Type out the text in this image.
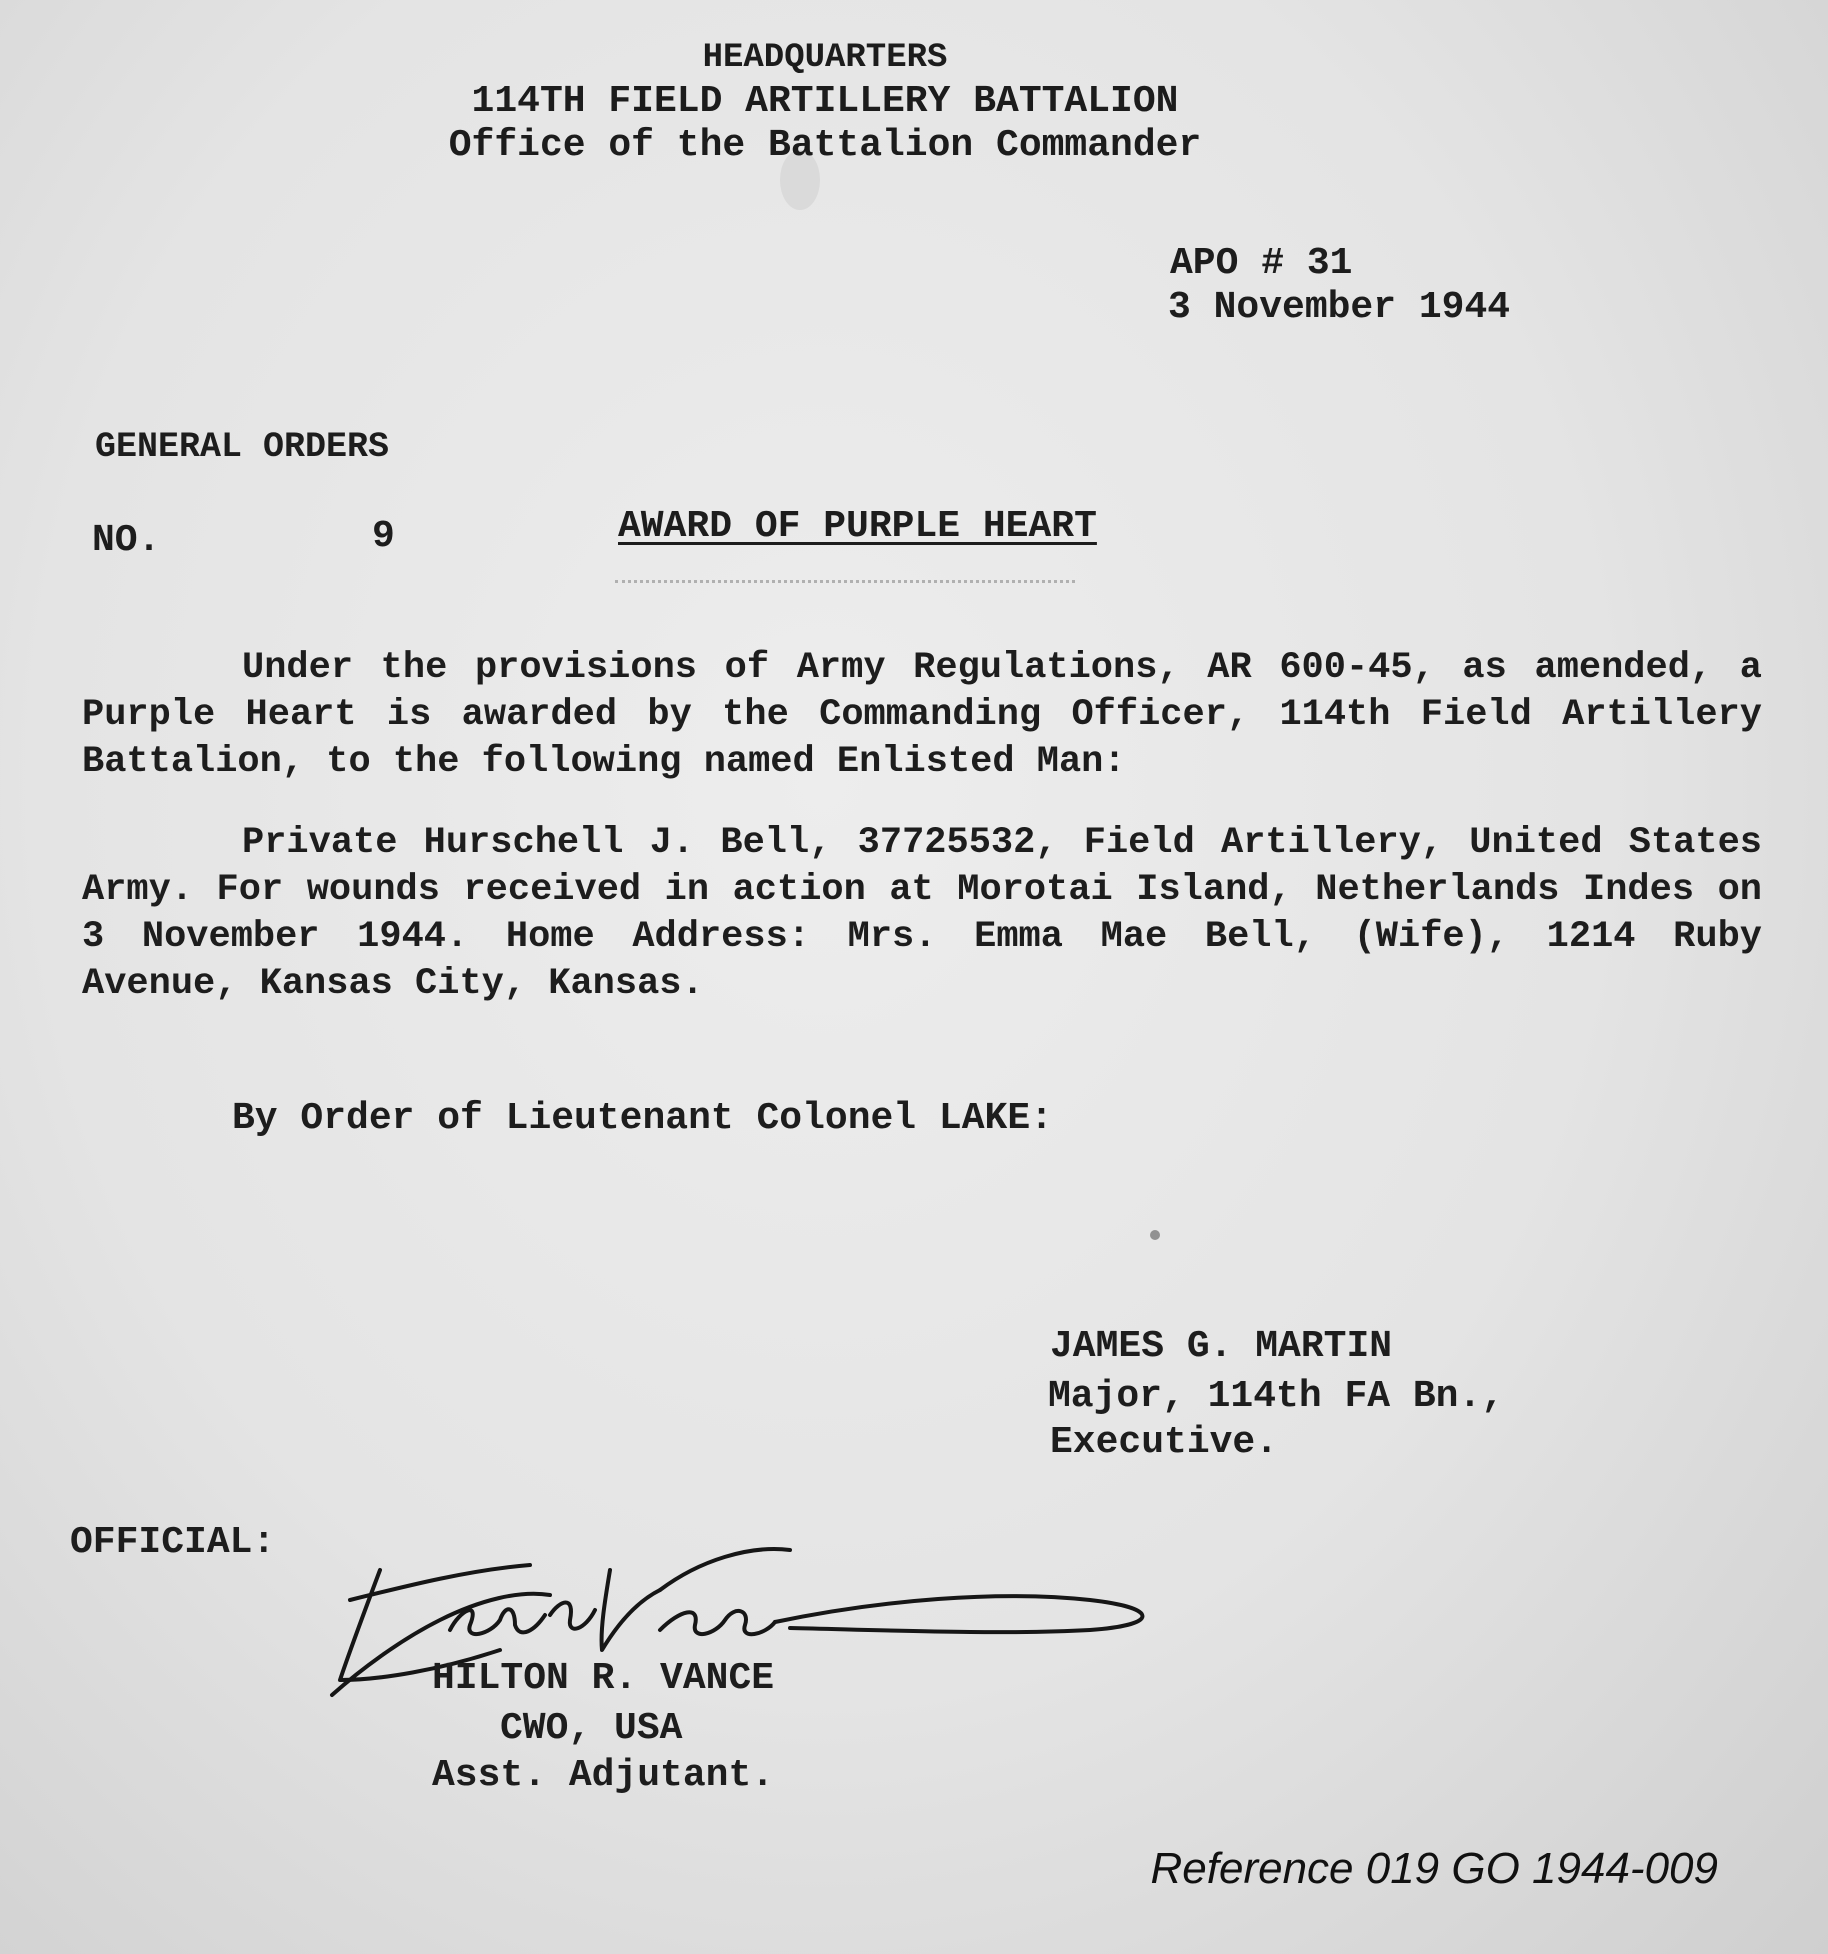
HEADQUARTERS
114TH FIELD ARTILLERY BATTALION
Office of the Battalion Commander
APO # 31
3 November 1944
GENERAL ORDERS
NO.	9	AWARD OF PURPLE HEART
Under the provisions of Army Regulations, AR 600-45, as amended, a Purple Heart is awarded by the Commanding Officer, 114th Field Artillery Battalion, to the following named Enlisted Man:
Private Hurschell J. Bell, 37725532, Field Artillery, United States Army. For wounds received in action at Morotai Island, Netherlands Indes on 3 November 1944. Home Address: Mrs. Emma Mae Bell, (Wife), 1214 Ruby Avenue, Kansas City, Kansas.
By Order of Lieutenant Colonel LAKE:
JAMES G. MARTIN
Major, 114th FA Bn.,
Executive.
OFFICIAL:
HILTON R. VANCE
CWO, USA
Asst. Adjutant.
Reference 019 GO 1944-009
